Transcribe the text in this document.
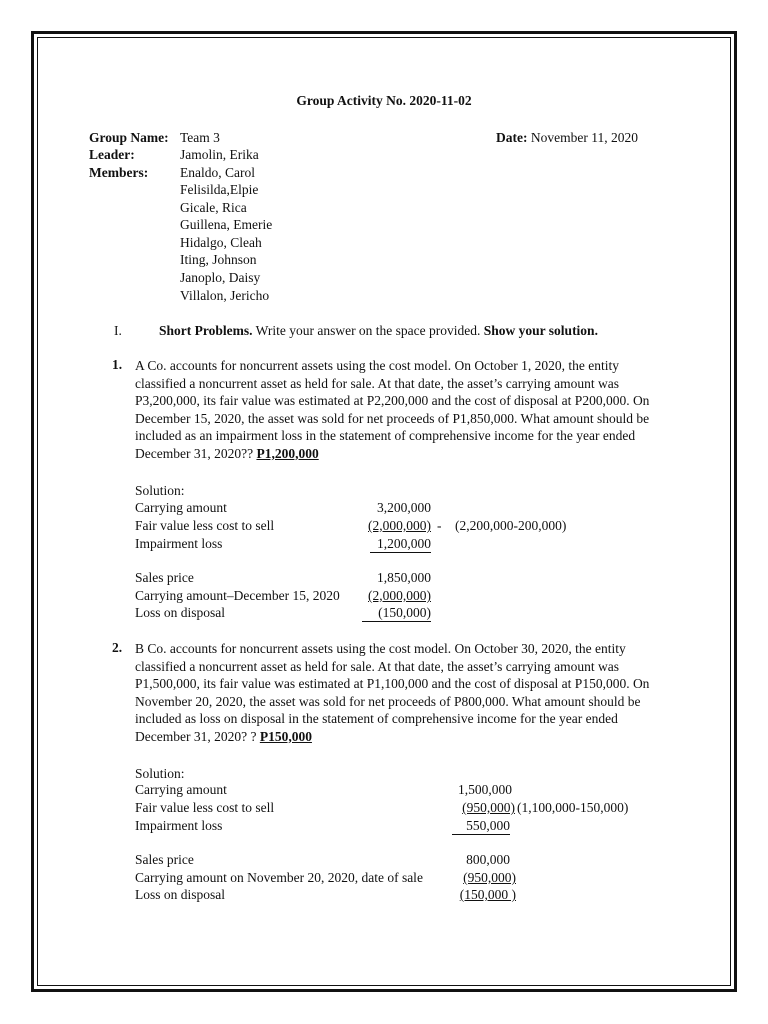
Group Activity No. 2020-11-02
Group Name: Team 3	Date: November 11, 2020
Leader:	Jamolin, Erika
Members: Enaldo, Carol
Felisilda,Elpie
Gicale, Rica
Guillena, Emerie
Hidalgo, Cleah
Iting, Johnson
Janoplo, Daisy
Villalon, Jericho
I.	Short Problems. Write your answer on the space provided. Show your solution.
1. A Co. accounts for noncurrent assets using the cost model. On October 1, 2020, the entity classified a noncurrent asset as held for sale. At that date, the asset’s carrying amount was P3,200,000, its fair value was estimated at P2,200,000 and the cost of disposal at P200,000. On December 15, 2020, the asset was sold for net proceeds of P1,850,000. What amount should be included as an impairment loss in the statement of comprehensive income for the year ended December 31, 2020?? P1,200,000
Solution:
Carrying amount	3,200,000
Fair value less cost to sell	(2,000,000) -    (2,200,000-200,000)
Impairment loss	1,200,000
Sales price	1,850,000
Carrying amount–December 15, 2020	(2,000,000)
Loss on disposal	(150,000)
2. B Co. accounts for noncurrent assets using the cost model. On October 30, 2020, the entity classified a noncurrent asset as held for sale. At that date, the asset’s carrying amount was P1,500,000, its fair value was estimated at P1,100,000 and the cost of disposal at P150,000. On November 20, 2020, the asset was sold for net proceeds of P800,000. What amount should be included as loss on disposal in the statement of comprehensive income for the year ended December 31, 2020? ? P150,000
Solution:
Carrying amount	1,500,000
Fair value less cost to sell	(950,000) (1,100,000-150,000)
Impairment loss	550,000
Sales price	800,000
Carrying amount on November 20, 2020, date of sale	(950,000)
Loss on disposal	(150,000 )
